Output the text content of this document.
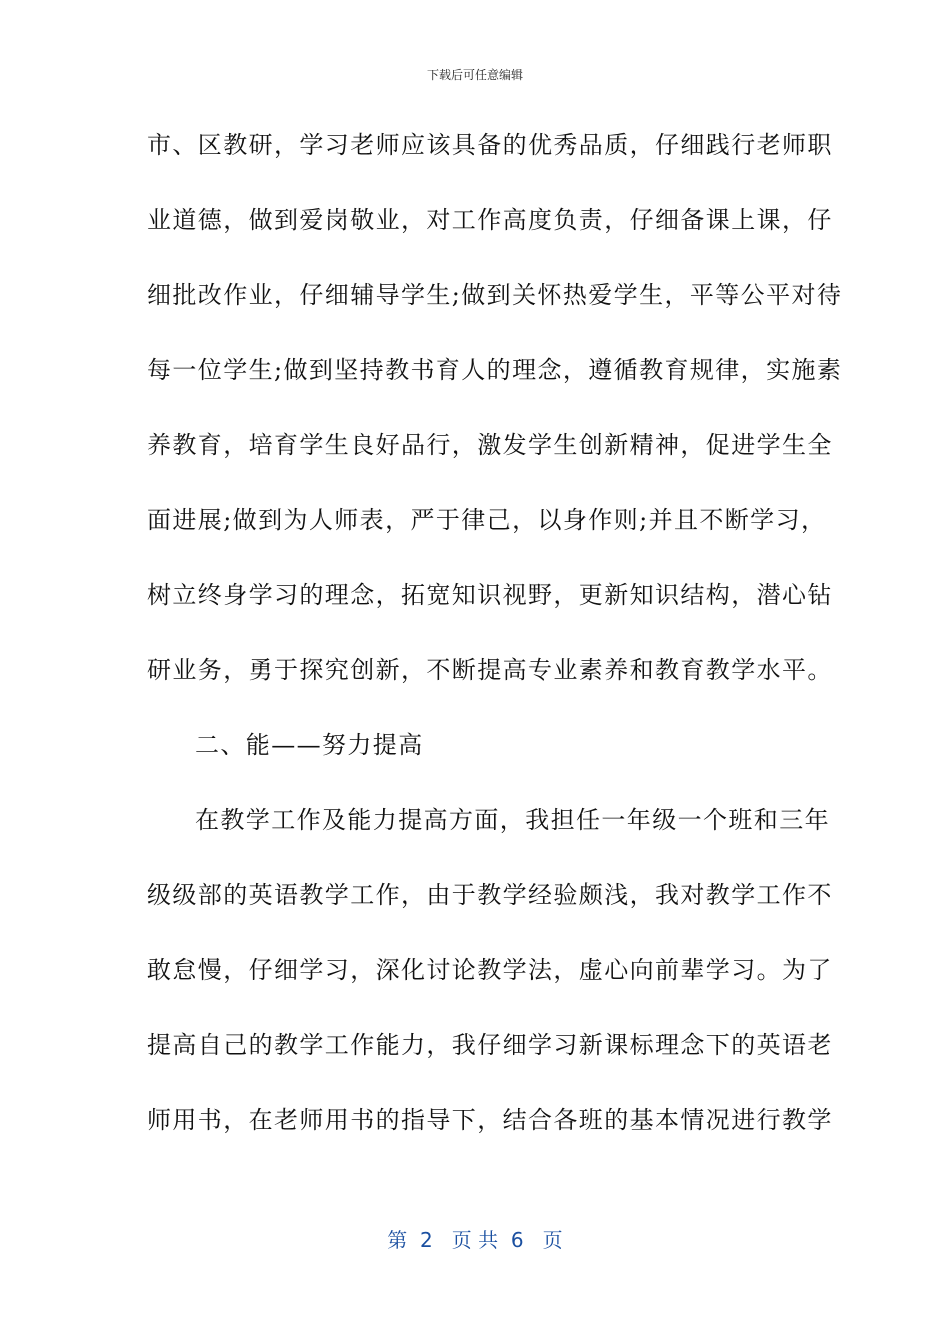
下载后可任意编辑
市、区教研，学习老师应该具备的优秀品质，仔细践行老师职
业道德，做到爱岗敬业，对工作高度负责，仔细备课上课，仔
细批改作业，仔细辅导学生;做到关怀热爱学生，平等公平对待
每一位学生;做到坚持教书育人的理念，遵循教育规律，实施素
养教育，培育学生良好品行，激发学生创新精神，促进学生全
面进展;做到为人师表，严于律己，以身作则;并且不断学习，
树立终身学习的理念，拓宽知识视野，更新知识结构，潜心钻
研业务，勇于探究创新，不断提高专业素养和教育教学水平。
二、能——努力提高
在教学工作及能力提高方面，我担任一年级一个班和三年
级级部的英语教学工作，由于教学经验颇浅，我对教学工作不
敢怠慢，仔细学习，深化讨论教学法，虚心向前辈学习。为了
提高自己的教学工作能力，我仔细学习新课标理念下的英语老
师用书，在老师用书的指导下，结合各班的基本情况进行教学
第  2   页 共  6   页
